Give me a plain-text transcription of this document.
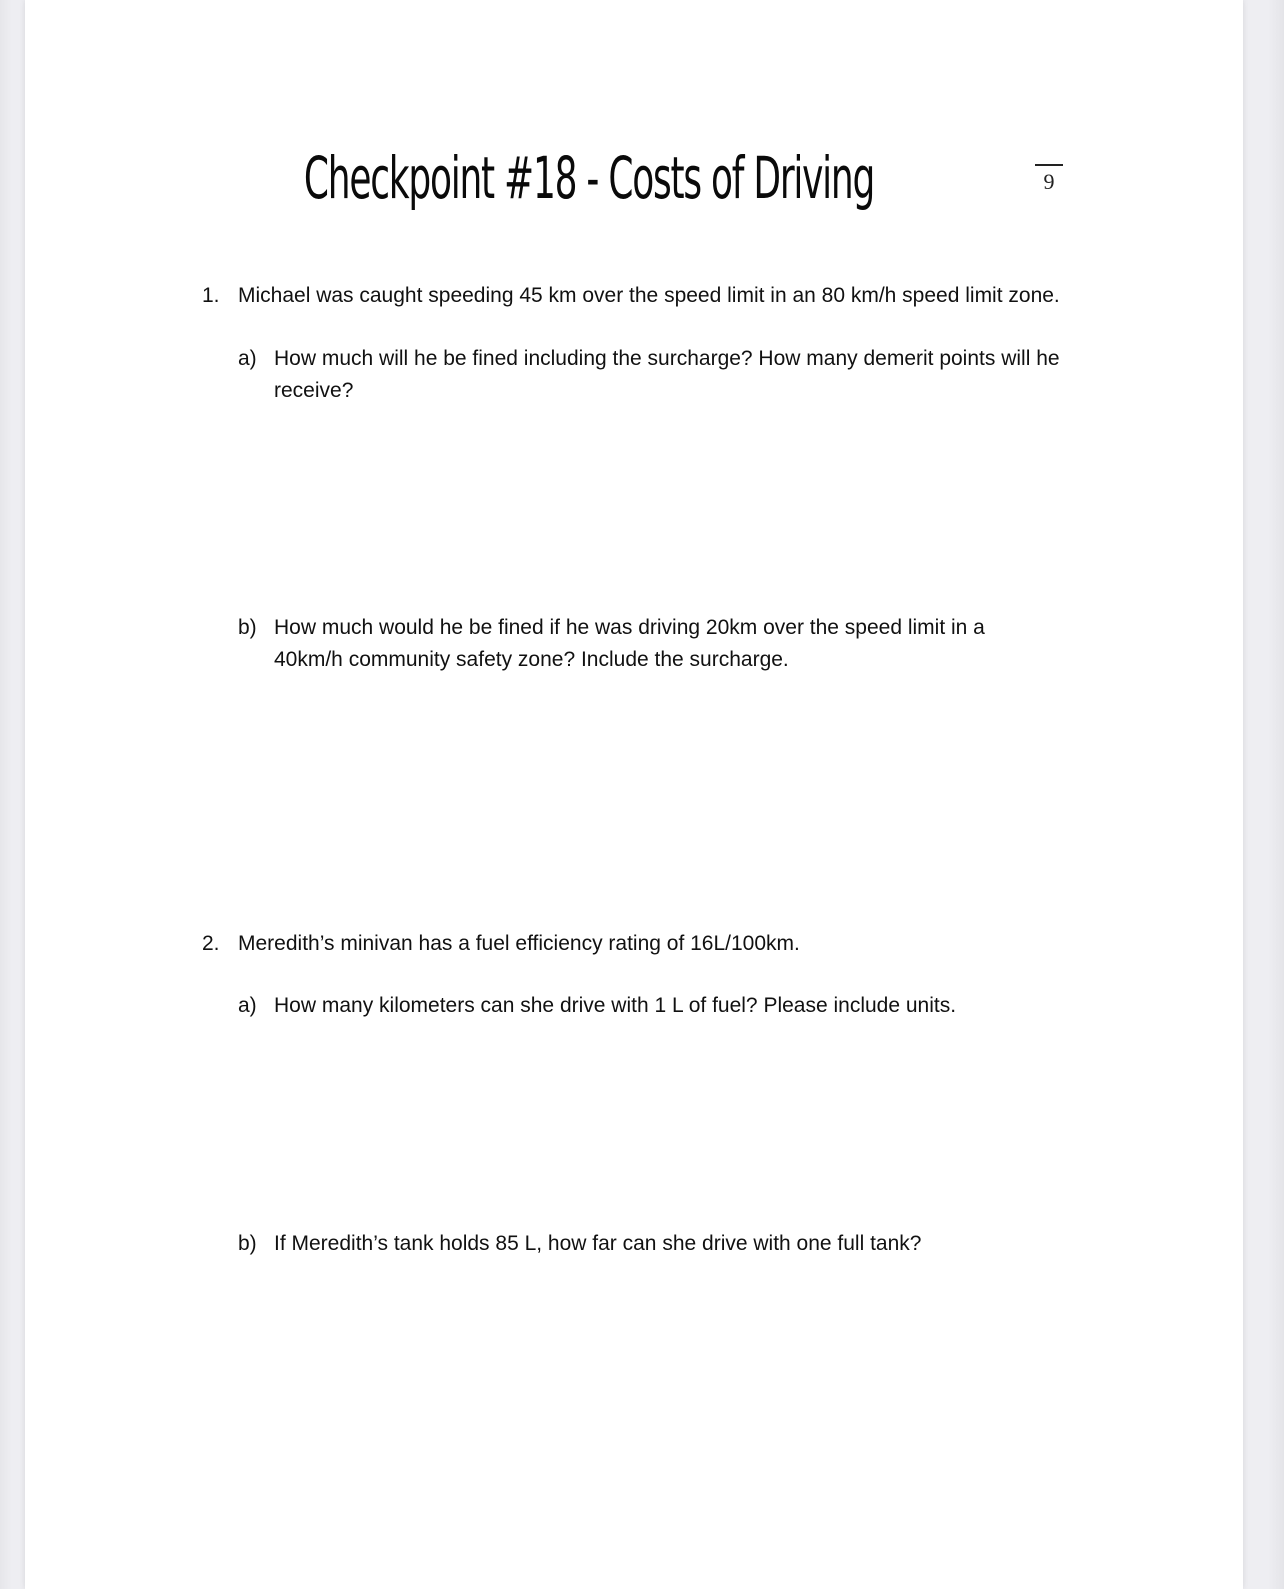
Checkpoint #18 - Costs of Driving	9
1. Michael was caught speeding 45 km over the speed limit in an 80 km/h speed limit zone.
a) How much will he be fined including the surcharge? How many demerit points will he receive?
b) How much would he be fined if he was driving 20km over the speed limit in a 40km/h community safety zone? Include the surcharge.
2. Meredith’s minivan has a fuel efficiency rating of 16L/100km.
a) How many kilometers can she drive with 1 L of fuel? Please include units.
b) If Meredith’s tank holds 85 L, how far can she drive with one full tank?
